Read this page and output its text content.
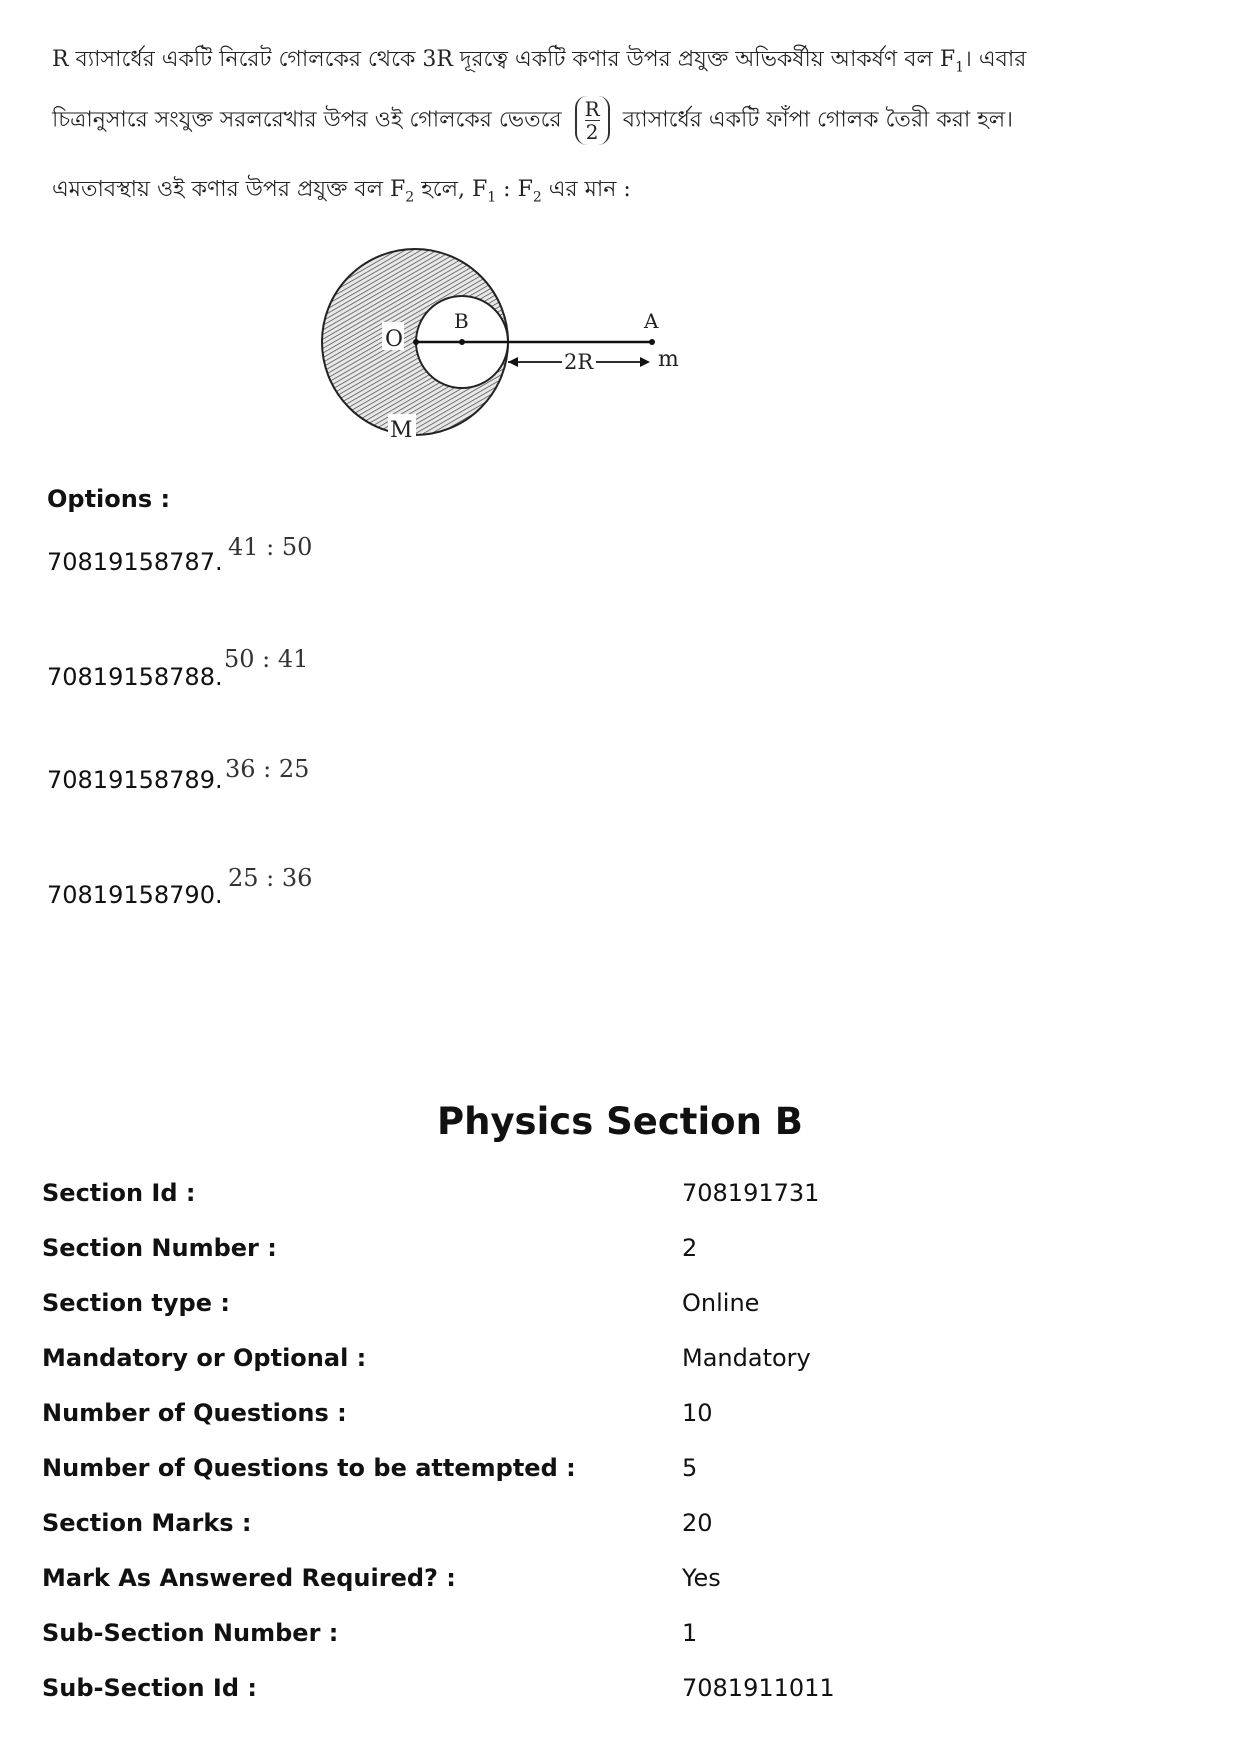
R ব্যাসার্ধের একটি নিরেট গোলকের থেকে 3R দূরত্বে একটি কণার উপর প্রযুক্ত অভিকর্ষীয় আকর্ষণ বল $F_1।$ এবার
চিত্রানুসারে সংযুক্ত সরলরেখার উপর ওই গোলকের ভেতরে $\frac{R}{2}$ ব্যাসার্ধের একটি ফাঁপা গোলক তৈরী করা হল।
এমতাবস্থায় ওই কণার উপর প্রযুক্ত বল $F_2$ হলে, $F_1$ : $F_2$ এর মান :
O
B	A
m
2R
M
Options :
70819158787.
41 : 50
70819158788.
50 : 41
70819158789. 36 : 25
70819158790.
25 : 36
Physics Section B
Section Id :	708191731
Section Number :	2
Section type :	Online
Mandatory or Optional :	Mandatory
Number of Questions :	10
Number of Questions to be attempted :	5
Section Marks :	20
Mark As Answered Required? :	Yes
Sub-Section Number :	1
Sub-Section Id :	7081911011
